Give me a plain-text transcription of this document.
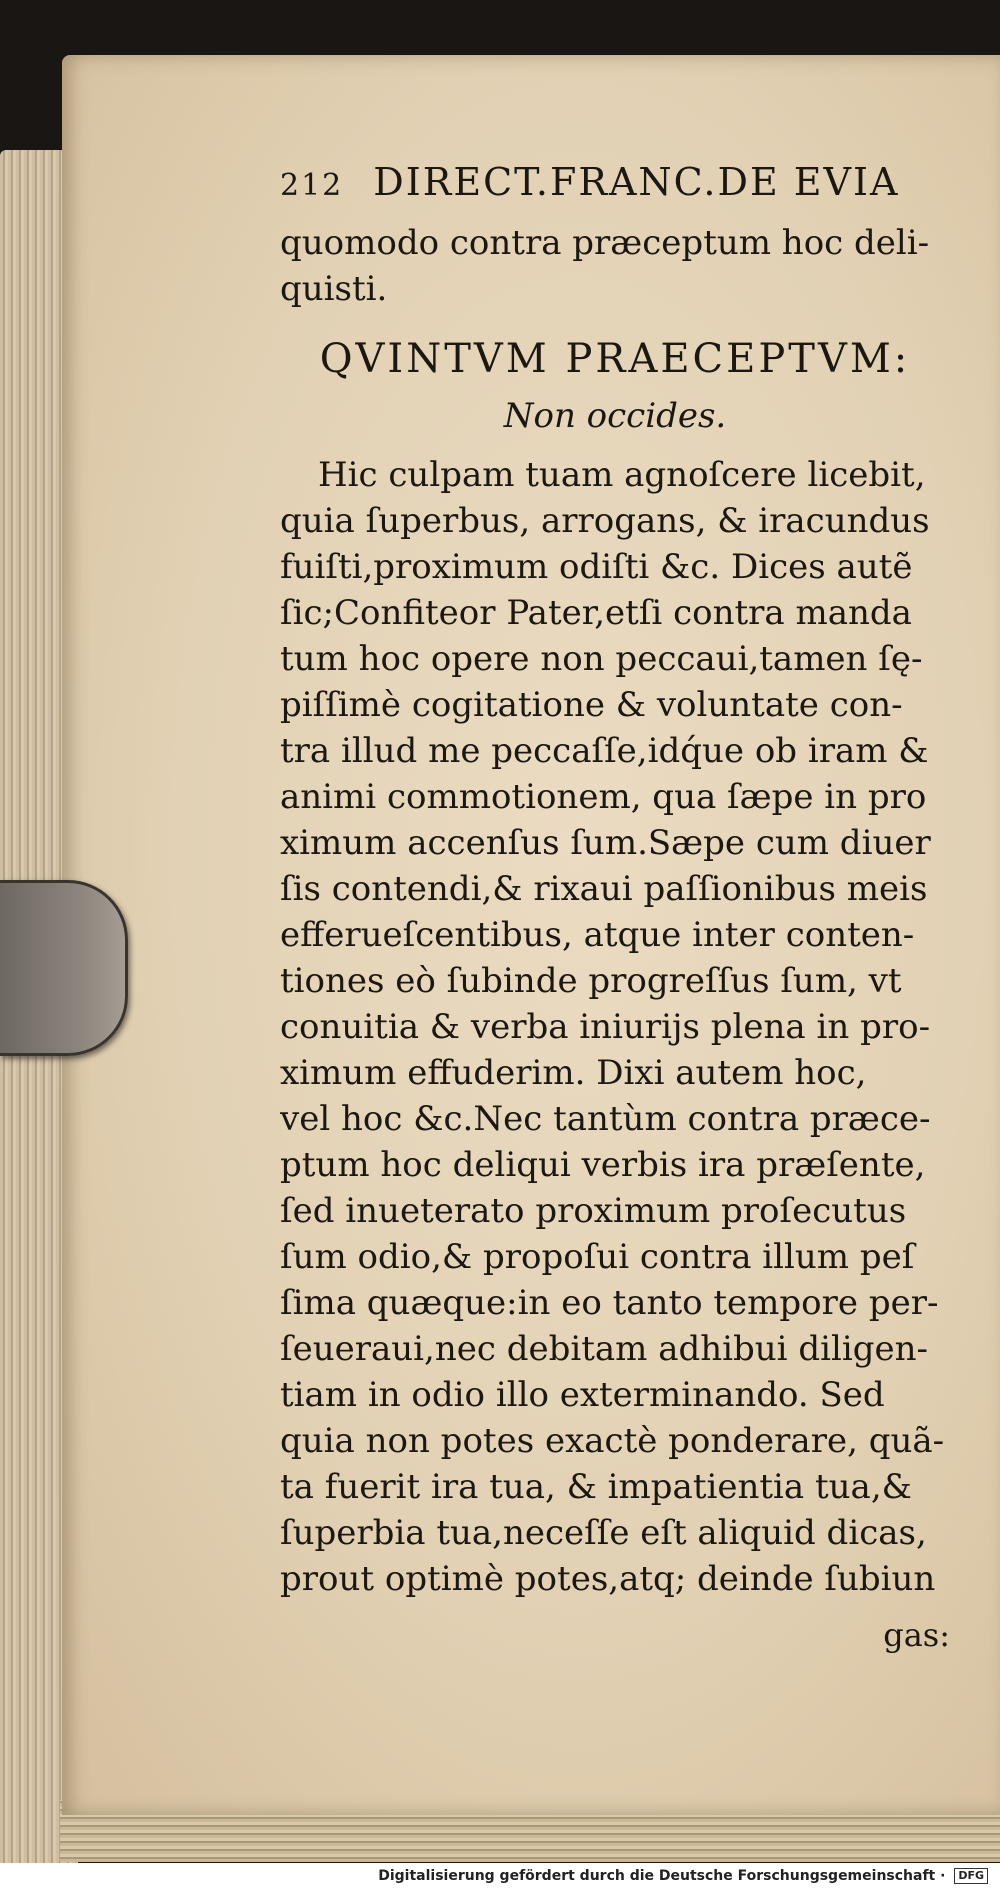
212 DIRECT.FRANC.DE EVIA
quomodo contra præceptum hoc deli-
quisti.
QVINTVM PRAECEPTVM:
Non occides.
Hic culpam tuam agnoſcere licebit,
quia ſuperbus, arrogans, & iracundus
fuiſti,proximum odiſti &c. Dices autẽ
ſic;Confiteor Pater,etſi contra manda
tum hoc opere non peccaui,tamen ſę-
piſſimè cogitatione & voluntate con-
tra illud me peccaſſe,idq́ue ob iram &
animi commotionem, qua ſæpe in pro
ximum accenſus ſum.Sæpe cum diuer
ſis contendi,& rixaui paſſionibus meis
efferueſcentibus, atque inter conten-
tiones eò ſubinde progreſſus ſum, vt
conuitia & verba iniurijs plena in pro-
ximum effuderim. Dixi autem hoc,
vel hoc &c.Nec tantùm contra præce-
ptum hoc deliqui verbis ira præſente,
ſed inueterato proximum proſecutus
ſum odio,& propoſui contra illum peſ
ſima quæque:in eo tanto tempore per-
ſeueraui,nec debitam adhibui diligen-
tiam in odio illo exterminando. Sed
quia non potes exactè ponderare, quã-
ta fuerit ira tua, & impatientia tua,&
ſuperbia tua,neceſſe eſt aliquid dicas,
prout optimè potes,atq; deinde ſubiun
gas:
Digitalisierung gefördert durch die Deutsche Forschungsgemeinschaft · DFG
